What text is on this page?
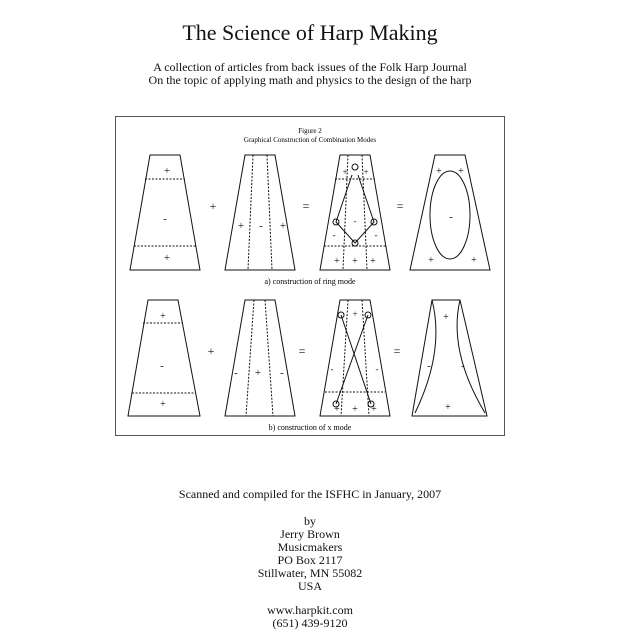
The Science of Harp Making
A collection of articles from back issues of the Folk Harp Journal
On the topic of applying math and physics to the design of the harp
Figure 2
Graphical Construction of Combination Modes
+
-
+
+ - +
+ +
-	-
-
+ + +
+ +
-
+	+
+	=	=
a) construction of ring mode
+
-
+
- + -
+
-	-
+ + +
+
-	-
+
+	=	=
b) construction of x mode
Scanned and compiled for the ISFHC in January, 2007
by
Jerry Brown
Musicmakers
PO Box 2117
Stillwater, MN 55082
USA
www.harpkit.com
(651) 439-9120
